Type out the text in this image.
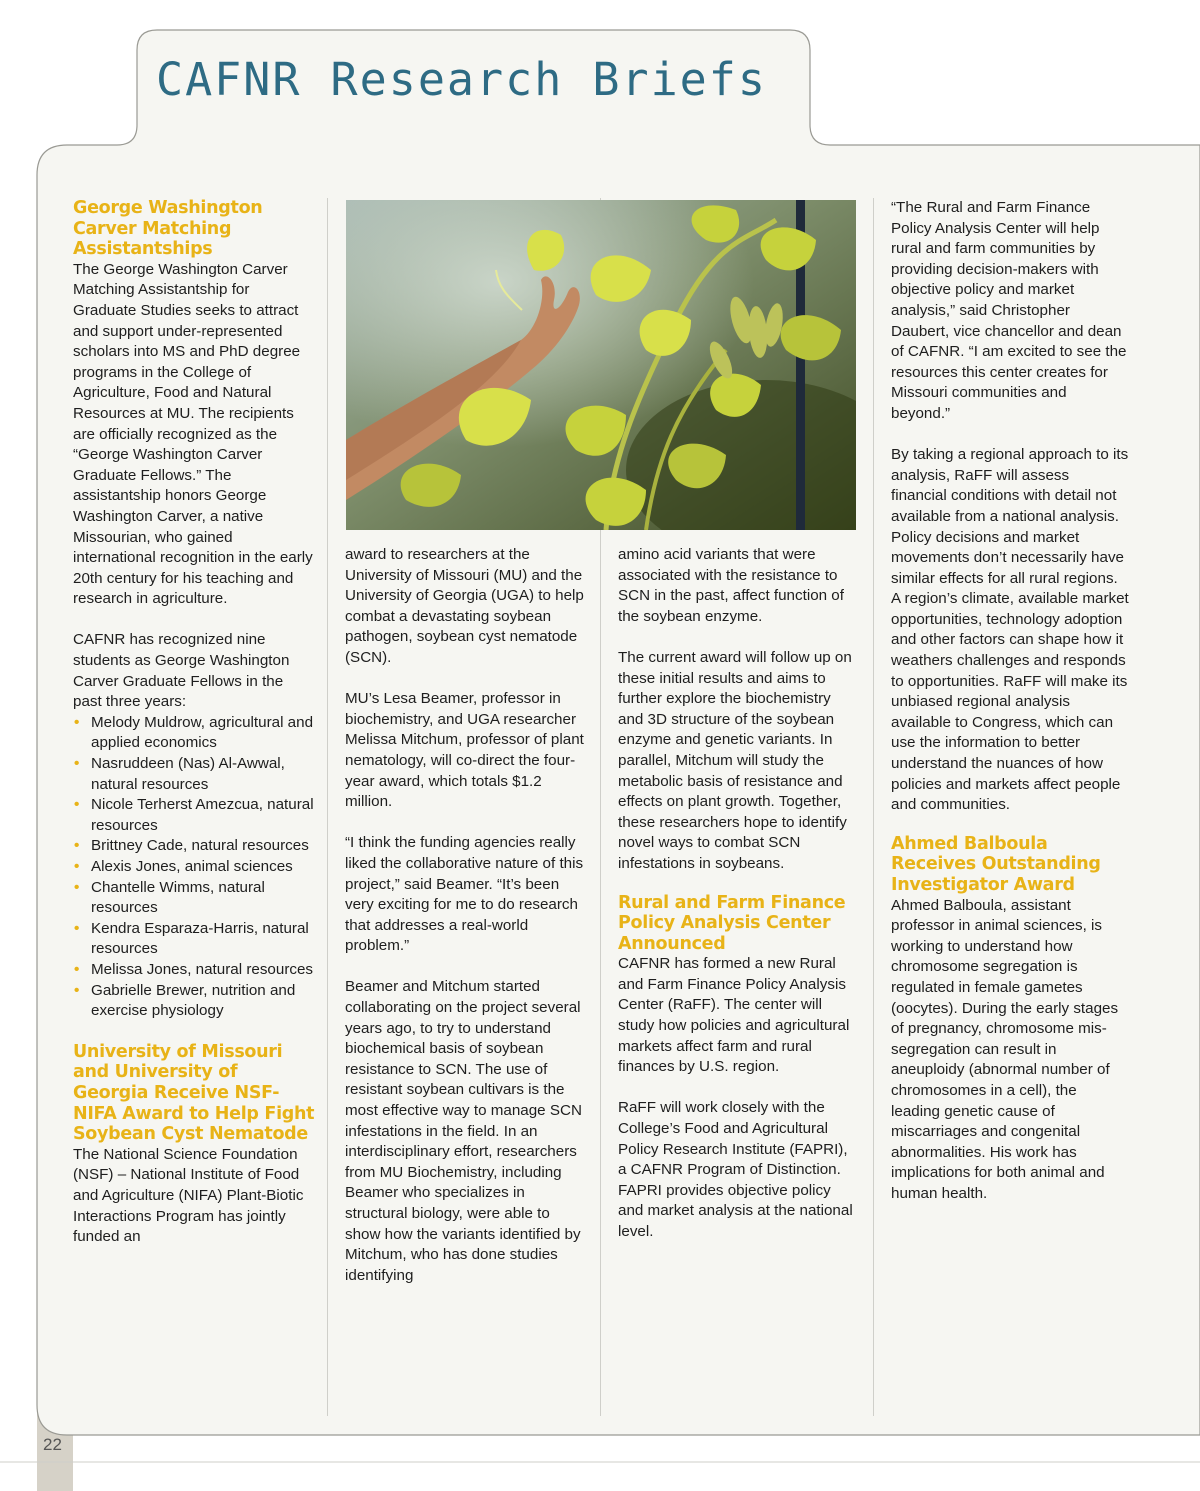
CAFNR Research Briefs
George Washington Carver Matching Assistantships

The George Washington Carver Matching Assistantship for Graduate Studies seeks to attract and support under-represented scholars into MS and PhD degree programs in the College of Agriculture, Food and Natural Resources at MU. The recipients are officially recognized as the “George Washington Carver Graduate Fellows.” The assistantship honors George Washington Carver, a native Missourian, who gained international recognition in the early 20th century for his teaching and research in agriculture.

CAFNR has recognized nine students as George Washington Carver Graduate Fellows in the past three years:

• Melody Muldrow, agricultural and applied economics
• Nasruddeen (Nas) Al-Awwal, natural resources
• Nicole Terherst Amezcua, natural resources
• Brittney Cade, natural resources
• Alexis Jones, animal sciences
• Chantelle Wimms, natural resources
• Kendra Esparaza-Harris, natural resources
• Melissa Jones, natural resources
• Gabrielle Brewer, nutrition and exercise physiology
University of Missouri and University of Georgia Receive NSF-NIFA Award to Help Fight Soybean Cyst Nematode

The National Science Foundation (NSF) – National Institute of Food and Agriculture (NIFA) Plant-Biotic Interactions Program has jointly funded an

award to researchers at the University of Missouri (MU) and the University of Georgia (UGA) to help combat a devastating soybean pathogen, soybean cyst nematode (SCN).

MU’s Lesa Beamer, professor in biochemistry, and UGA researcher Melissa Mitchum, professor of plant nematology, will co-direct the four-year award, which totals $1.2 million.

“I think the funding agencies really liked the collaborative nature of this project,” said Beamer. “It’s been very exciting for me to do research that addresses a real-world problem.”

Beamer and Mitchum started collaborating on the project several years ago, to try to understand biochemical basis of soybean resistance to SCN. The use of resistant soybean cultivars is the most effective way to manage SCN infestations in the field. In an interdisciplinary effort, researchers from MU Biochemistry, including Beamer who specializes in structural biology, were able to show how the variants identified by Mitchum, who has done studies identifying

amino acid variants that were associated with the resistance to SCN in the past, affect function of the soybean enzyme.

The current award will follow up on these initial results and aims to further explore the biochemistry and 3D structure of the soybean enzyme and genetic variants. In parallel, Mitchum will study the metabolic basis of resistance and effects on plant growth. Together, these researchers hope to identify novel ways to combat SCN infestations in soybeans.

Rural and Farm Finance Policy Analysis Center Announced

CAFNR has formed a new Rural and Farm Finance Policy Analysis Center (RaFF). The center will study how policies and agricultural markets affect farm and rural finances by U.S. region.

RaFF will work closely with the College’s Food and Agricultural Policy Research Institute (FAPRI), a CAFNR Program of Distinction. FAPRI provides objective policy and market analysis at the national level.

“The Rural and Farm Finance Policy Analysis Center will help rural and farm communities by providing decision-makers with objective policy and market analysis,” said Christopher Daubert, vice chancellor and dean of CAFNR. “I am excited to see the resources this center creates for Missouri communities and beyond.”

By taking a regional approach to its analysis, RaFF will assess financial conditions with detail not available from a national analysis. Policy decisions and market movements don’t necessarily have similar effects for all rural regions. A region’s climate, available market opportunities, technology adoption and other factors can shape how it weathers challenges and responds to opportunities. RaFF will make its unbiased regional analysis available to Congress, which can use the information to better understand the nuances of how policies and markets affect people and communities.

Ahmed Balboula Receives Outstanding Investigator Award

Ahmed Balboula, assistant professor in animal sciences, is working to understand how chromosome segregation is regulated in female gametes (oocytes). During the early stages of pregnancy, chromosome mis-segregation can result in aneuploidy (abnormal number of chromosomes in a cell), the leading genetic cause of miscarriages and congenital abnormalities. His work has implications for both animal and human health.

22
